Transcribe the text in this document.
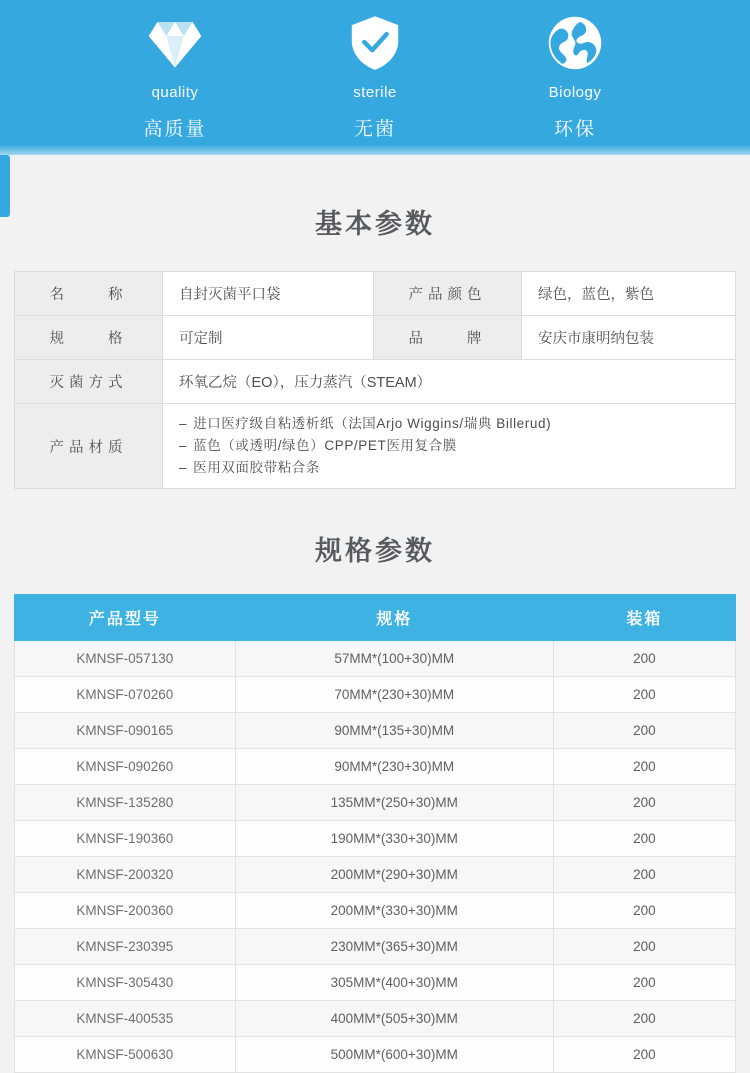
quality
高质量
sterile
无菌
Biology
环保
基本参数
名　　称	自封灭菌平口袋	产品颜色	绿色，蓝色，紫色
规　　格	可定制	品　　牌	安庆市康明纳包装
灭菌方式	环氧乙烷（EO），压力蒸汽（STEAM）
产品材质
– 进口医疗级自粘透析纸（法国Arjo Wiggins/瑞典 Billerud)
– 蓝色（或透明/绿色）CPP/PET医用复合膜
– 医用双面胶带粘合条
规格参数
产品型号	规格	装箱
KMNSF-057130	57MM*(100+30)MM	200
KMNSF-070260	70MM*(230+30)MM	200
KMNSF-090165	90MM*(135+30)MM	200
KMNSF-090260	90MM*(230+30)MM	200
KMNSF-135280	135MM*(250+30)MM	200
KMNSF-190360	190MM*(330+30)MM	200
KMNSF-200320	200MM*(290+30)MM	200
KMNSF-200360	200MM*(330+30)MM	200
KMNSF-230395	230MM*(365+30)MM	200
KMNSF-305430	305MM*(400+30)MM	200
KMNSF-400535	400MM*(505+30)MM	200
KMNSF-500630	500MM*(600+30)MM	200
